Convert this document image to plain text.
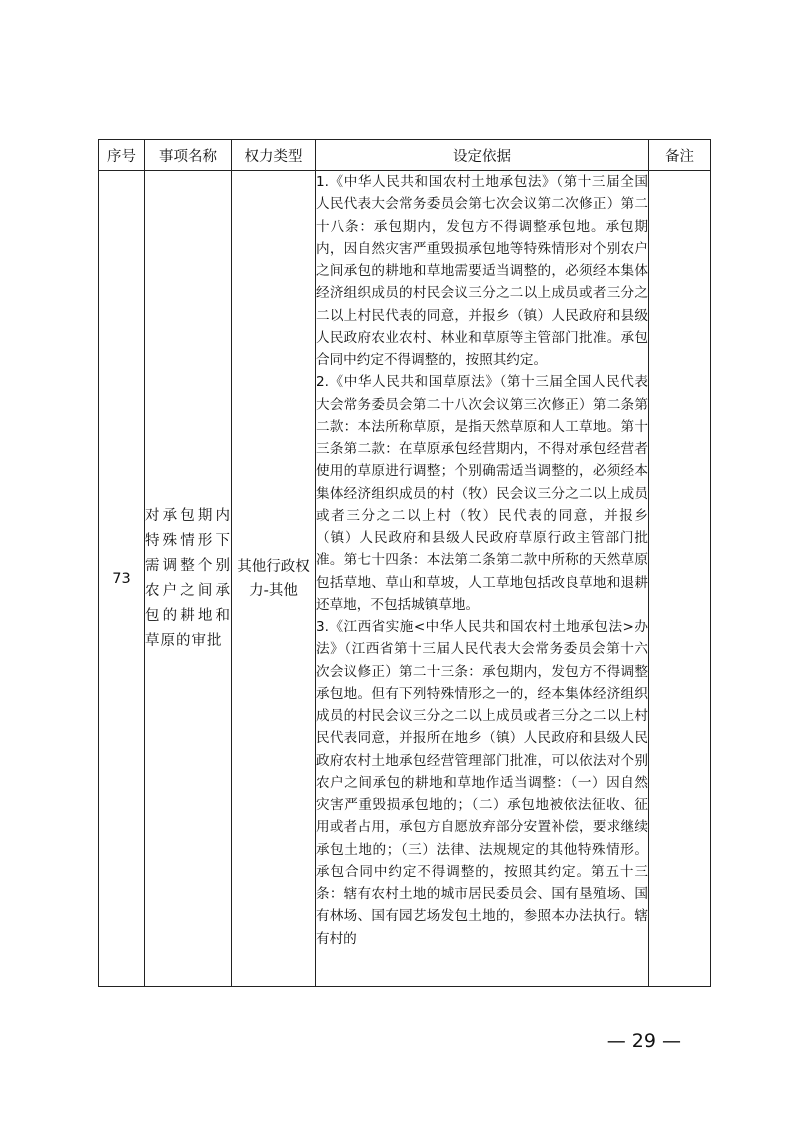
序号	事项名称	权力类型	设定依据	备注
73	对承包期内特殊情形下需调整个别农户之间承包的耕地和草原的审批	其他行政权力-其他	1.《中华人民共和国农村土地承包法》（第十三届全国人民代表大会常务委员会第七次会议第二次修正）第二十八条：承包期内，发包方不得调整承包地。承包期内，因自然灾害严重毁损承包地等特殊情形对个别农户之间承包的耕地和草地需要适当调整的，必须经本集体经济组织成员的村民会议三分之二以上成员或者三分之二以上村民代表的同意，并报乡（镇）人民政府和县级人民政府农业农村、林业和草原等主管部门批准。承包合同中约定不得调整的，按照其约定。

2.《中华人民共和国草原法》（第十三届全国人民代表大会常务委员会第二十八次会议第三次修正）第二条第二款：本法所称草原，是指天然草原和人工草地。第十三条第二款：在草原承包经营期内，不得对承包经营者使用的草原进行调整；个别确需适当调整的，必须经本集体经济组织成员的村（牧）民会议三分之二以上成员或者三分之二以上村（牧）民代表的同意，并报乡（镇）人民政府和县级人民政府草原行政主管部门批准。第七十四条：本法第二条第二款中所称的天然草原包括草地、草山和草坡，人工草地包括改良草地和退耕还草地，不包括城镇草地。

3.《江西省实施<中华人民共和国农村土地承包法>办法》（江西省第十三届人民代表大会常务委员会第十六次会议修正）第二十三条：承包期内，发包方不得调整承包地。但有下列特殊情形之一的，经本集体经济组织成员的村民会议三分之二以上成员或者三分之二以上村民代表同意，并报所在地乡（镇）人民政府和县级人民政府农村土地承包经营管理部门批准，可以依法对个别农户之间承包的耕地和草地作适当调整：（一）因自然灾害严重毁损承包地的；（二）承包地被依法征收、征用或者占用，承包方自愿放弃部分安置补偿，要求继续承包土地的；（三）法律、法规规定的其他特殊情形。承包合同中约定不得调整的，按照其约定。第五十三条：辖有农村土地的城市居民委员会、国有垦殖场、国有林场、国有园艺场发包土地的，参照本办法执行。辖有村的	

— 29 —
